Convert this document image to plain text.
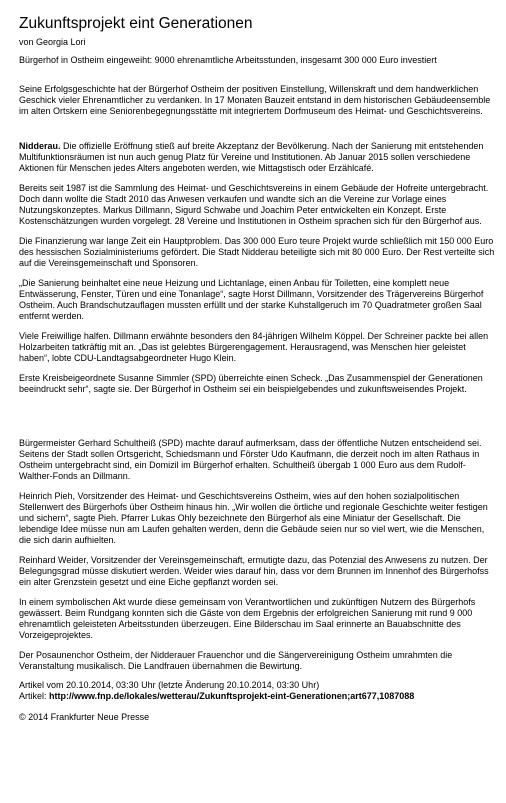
Zukunftsprojekt eint Generationen
von Georgia Lori
Bürgerhof in Ostheim eingeweiht: 9000 ehrenamtliche Arbeitsstunden, insgesamt 300 000 Euro investiert

Seine Erfolgsgeschichte hat der Bürgerhof Ostheim der positiven Einstellung, Willenskraft und dem handwerklichen Geschick vieler Ehrenamtlicher zu verdanken. In 17 Monaten Bauzeit entstand in dem historischen Gebäudeensemble im alten Ortskern eine Seniorenbegegnungsstätte mit integriertem Dorfmuseum des Heimat- und Geschichtsvereins.

Nidderau. Die offizielle Eröffnung stieß auf breite Akzeptanz der Bevölkerung. Nach der Sanierung mit entstehenden Multifunktionsräumen ist nun auch genug Platz für Vereine und Institutionen. Ab Januar 2015 sollen verschiedene Aktionen für Menschen jedes Alters angeboten werden, wie Mittagstisch oder Erzählcafé.

Bereits seit 1987 ist die Sammlung des Heimat- und Geschichtsvereins in einem Gebäude der Hofreite untergebracht. Doch dann wollte die Stadt 2010 das Anwesen verkaufen und wandte sich an die Vereine zur Vorlage eines Nutzungskonzeptes. Markus Dillmann, Sigurd Schwabe und Joachim Peter entwickelten ein Konzept. Erste Kostenschätzungen wurden vorgelegt. 28 Vereine und Institutionen in Ostheim sprachen sich für den Bürgerhof aus.

Die Finanzierung war lange Zeit ein Hauptproblem. Das 300 000 Euro teure Projekt wurde schließlich mit 150 000 Euro des hessischen Sozialministeriums gefördert. Die Stadt Nidderau beteiligte sich mit 80 000 Euro. Der Rest verteilte sich auf die Vereinsgemeinschaft und Sponsoren.

„Die Sanierung beinhaltet eine neue Heizung und Lichtanlage, einen Anbau für Toiletten, eine komplett neue Entwässerung, Fenster, Türen und eine Tonanlage“, sagte Horst Dillmann, Vorsitzender des Trägervereins Bürgerhof Ostheim. Auch Brandschutzauflagen mussten erfüllt und der starke Kuhstallgeruch im 70 Quadratmeter großen Saal entfernt werden.

Viele Freiwillige halfen. Dillmann erwähnte besonders den 84-jährigen Wilhelm Köppel. Der Schreiner packte bei allen Holzarbeiten tatkräftig mit an. „Das ist gelebtes Bürgerengagement. Herausragend, was Menschen hier geleistet haben“, lobte CDU-Landtagsabgeordneter Hugo Klein.

Erste Kreisbeigeordnete Susanne Simmler (SPD) überreichte einen Scheck. „Das Zusammenspiel der Generationen beeindruckt sehr“, sagte sie. Der Bürgerhof in Ostheim sei ein beispielgebendes und zukunftsweisendes Projekt.

Bürgermeister Gerhard Schultheiß (SPD) machte darauf aufmerksam, dass der öffentliche Nutzen entscheidend sei. Seitens der Stadt sollen Ortsgericht, Schiedsmann und Förster Udo Kaufmann, die derzeit noch im alten Rathaus in Ostheim untergebracht sind, ein Domizil im Bürgerhof erhalten. Schultheiß übergab 1 000 Euro aus dem Rudolf-Walther-Fonds an Dillmann.

Heinrich Pieh, Vorsitzender des Heimat- und Geschichtsvereins Ostheim, wies auf den hohen sozialpolitischen Stellenwert des Bürgerhofs über Ostheim hinaus hin. „Wir wollen die örtliche und regionale Geschichte weiter festigen und sichern“, sagte Pieh. Pfarrer Lukas Ohly bezeichnete den Bürgerhof als eine Miniatur der Gesellschaft. Die lebendige Idee müsse nun am Laufen gehalten werden, denn die Gebäude seien nur so viel wert, wie die Menschen, die sich darin aufhielten.

Reinhard Weider, Vorsitzender der Vereinsgemeinschaft, ermutigte dazu, das Potenzial des Anwesens zu nutzen. Der Belegungsgrad müsse diskutiert werden. Weider wies darauf hin, dass vor dem Brunnen im Innenhof des Bürgerhofss ein alter Grenzstein gesetzt und eine Eiche gepflanzt worden sei.

In einem symbolischen Akt wurde diese gemeinsam von Verantwortlichen und zukünftigen Nutzern des Bürgerhofs gewässert. Beim Rundgang konnten sich die Gäste von dem Ergebnis der erfolgreichen Sanierung mit rund 9 000 ehrenamtlich geleisteten Arbeitsstunden überzeugen. Eine Bilderschau im Saal erinnerte an Bauabschnitte des Vorzeigeprojektes.

Der Posaunenchor Ostheim, der Nidderauer Frauenchor und die Sängervereinigung Ostheim umrahmten die Veranstaltung musikalisch. Die Landfrauen übernahmen die Bewirtung.

Artikel vom 20.10.2014, 03:30 Uhr (letzte Änderung 20.10.2014, 03:30 Uhr)
Artikel: http://www.fnp.de/lokales/wetterau/Zukunftsprojekt-eint-Generationen;art677,1087088
© 2014 Frankfurter Neue Presse
